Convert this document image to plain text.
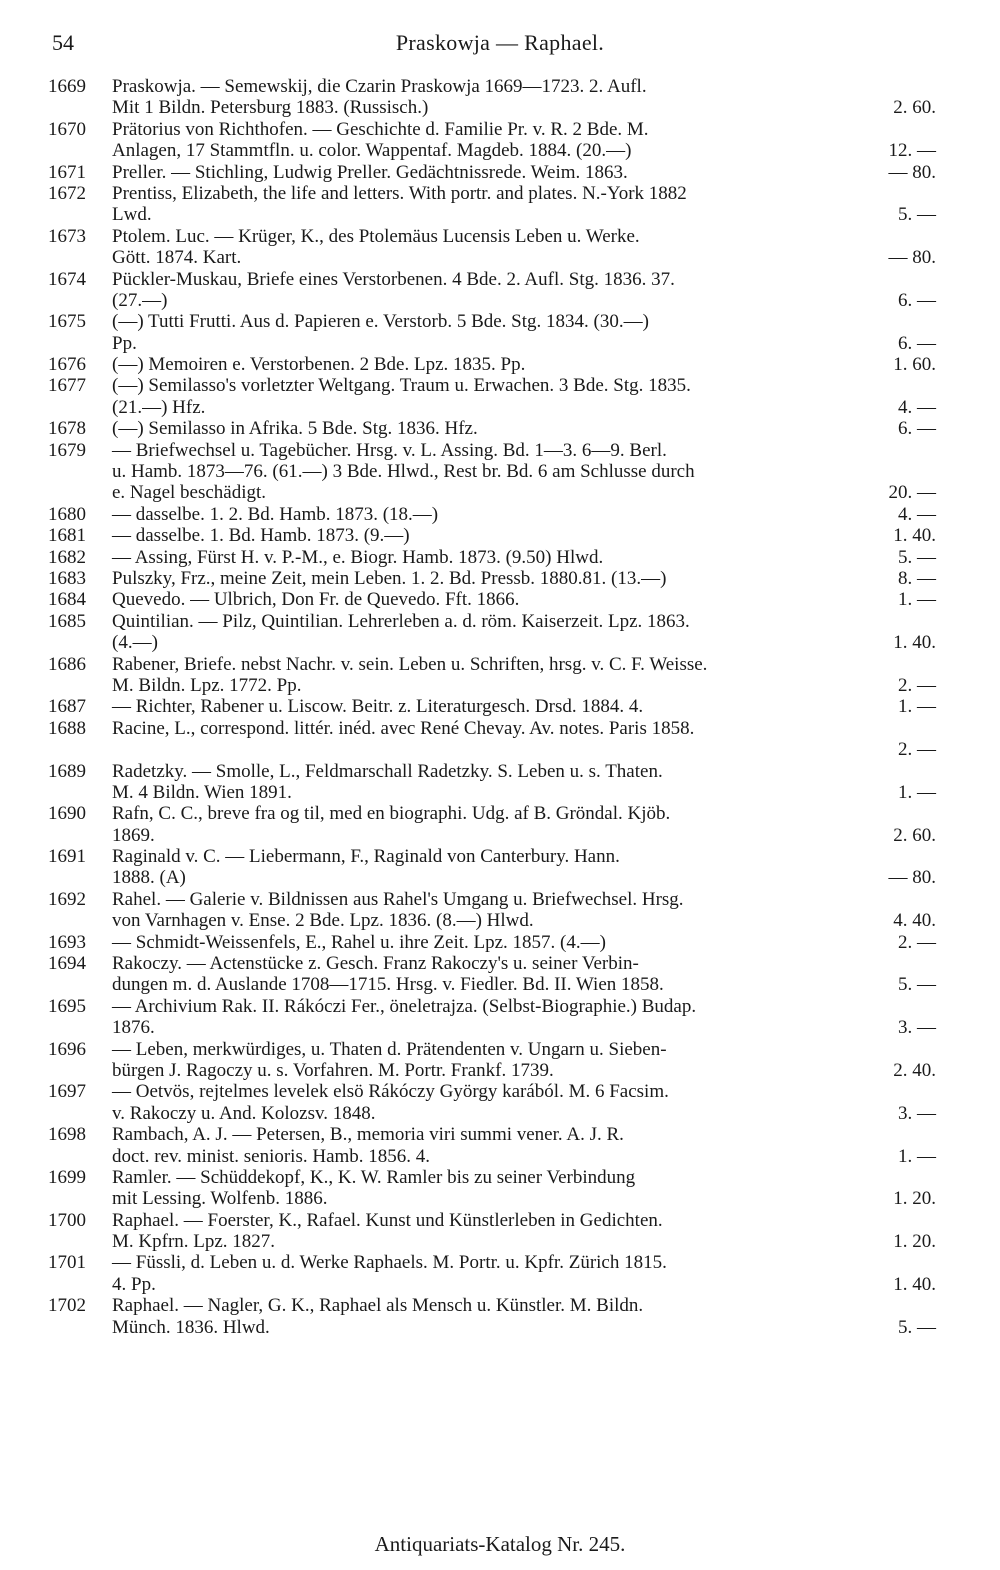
54	Praskowja — Raphael.
1669 Praskowja. — Semewskij, die Czarin Praskowja 1669—1723. 2. Aufl.
Mit 1 Bildn. Petersburg 1883. (Russisch.)	2. 60.
1670 Prätorius von Richthofen. — Geschichte d. Familie Pr. v. R. 2 Bde. M.
Anlagen, 17 Stammtfln. u. color. Wappentaf. Magdeb. 1884. (20.—)	12. —
1671 Preller. — Stichling, Ludwig Preller. Gedächtnissrede. Weim. 1863.	— 80.
1672 Prentiss, Elizabeth, the life and letters. With portr. and plates. N.-York 1882
Lwd.	5. —
1673 Ptolem. Luc. — Krüger, K., des Ptolemäus Lucensis Leben u. Werke.
Gött. 1874. Kart.	— 80.
1674 Pückler-Muskau, Briefe eines Verstorbenen. 4 Bde. 2. Aufl. Stg. 1836. 37.
(27.—)	6. —
1675 (—) Tutti Frutti. Aus d. Papieren e. Verstorb. 5 Bde. Stg. 1834. (30.—)
Pp.	6. —
1676 (—) Memoiren e. Verstorbenen. 2 Bde. Lpz. 1835. Pp.	1. 60.
1677 (—) Semilasso's vorletzter Weltgang. Traum u. Erwachen. 3 Bde. Stg. 1835.
(21.—) Hfz.	4. —
1678 (—) Semilasso in Afrika. 5 Bde. Stg. 1836. Hfz.	6. —
1679 — Briefwechsel u. Tagebücher. Hrsg. v. L. Assing. Bd. 1—3. 6—9. Berl.
u. Hamb. 1873—76. (61.—) 3 Bde. Hlwd., Rest br. Bd. 6 am Schlusse durch
e. Nagel beschädigt.	20. —
1680 — dasselbe. 1. 2. Bd. Hamb. 1873. (18.—)	4. —
1681 — dasselbe. 1. Bd. Hamb. 1873. (9.—)	1. 40.
1682 — Assing, Fürst H. v. P.-M., e. Biogr. Hamb. 1873. (9.50) Hlwd.	5. —
1683 Pulszky, Frz., meine Zeit, mein Leben. 1. 2. Bd. Pressb. 1880.81. (13.—)	8. —
1684 Quevedo. — Ulbrich, Don Fr. de Quevedo. Fft. 1866.	1. —
1685 Quintilian. — Pilz, Quintilian. Lehrerleben a. d. röm. Kaiserzeit. Lpz. 1863.
(4.—)	1. 40.
1686 Rabener, Briefe. nebst Nachr. v. sein. Leben u. Schriften, hrsg. v. C. F. Weisse.
M. Bildn. Lpz. 1772. Pp.	2. —
1687 — Richter, Rabener u. Liscow. Beitr. z. Literaturgesch. Drsd. 1884. 4.	1. —
1688 Racine, L., correspond. littér. inéd. avec René Chevay. Av. notes. Paris 1858.
2. —
1689 Radetzky. — Smolle, L., Feldmarschall Radetzky. S. Leben u. s. Thaten.
M. 4 Bildn. Wien 1891.	1. —
1690 Rafn, C. C., breve fra og til, med en biographi. Udg. af B. Gröndal. Kjöb.
1869.	2. 60.
1691 Raginald v. C. — Liebermann, F., Raginald von Canterbury. Hann.
1888. (A)	— 80.
1692 Rahel. — Galerie v. Bildnissen aus Rahel's Umgang u. Briefwechsel. Hrsg.
von Varnhagen v. Ense. 2 Bde. Lpz. 1836. (8.—) Hlwd.	4. 40.
1693 — Schmidt-Weissenfels, E., Rahel u. ihre Zeit. Lpz. 1857. (4.—)	2. —
1694 Rakoczy. — Actenstücke z. Gesch. Franz Rakoczy's u. seiner Verbin-
dungen m. d. Auslande 1708—1715. Hrsg. v. Fiedler. Bd. II. Wien 1858.	5. —
1695 — Archivium Rak. II. Rákóczi Fer., öneletrajza. (Selbst-Biographie.) Budap.
1876.	3. —
1696 — Leben, merkwürdiges, u. Thaten d. Prätendenten v. Ungarn u. Sieben-
bürgen J. Ragoczy u. s. Vorfahren. M. Portr. Frankf. 1739.	2. 40.
1697 — Oetvös, rejtelmes levelek elsö Rákóczy György karából. M. 6 Facsim.
v. Rakoczy u. And. Kolozsv. 1848.	3. —
1698 Rambach, A. J. — Petersen, B., memoria viri summi vener. A. J. R.
doct. rev. minist. senioris. Hamb. 1856. 4.	1. —
1699 Ramler. — Schüddekopf, K., K. W. Ramler bis zu seiner Verbindung
mit Lessing. Wolfenb. 1886.	1. 20.
1700 Raphael. — Foerster, K., Rafael. Kunst und Künstlerleben in Gedichten.
M. Kpfrn. Lpz. 1827.	1. 20.
1701 — Füssli, d. Leben u. d. Werke Raphaels. M. Portr. u. Kpfr. Zürich 1815.
4. Pp.	1. 40.
1702 Raphael. — Nagler, G. K., Raphael als Mensch u. Künstler. M. Bildn.
Münch. 1836. Hlwd.	5. —
Antiquariats-Katalog Nr. 245.
